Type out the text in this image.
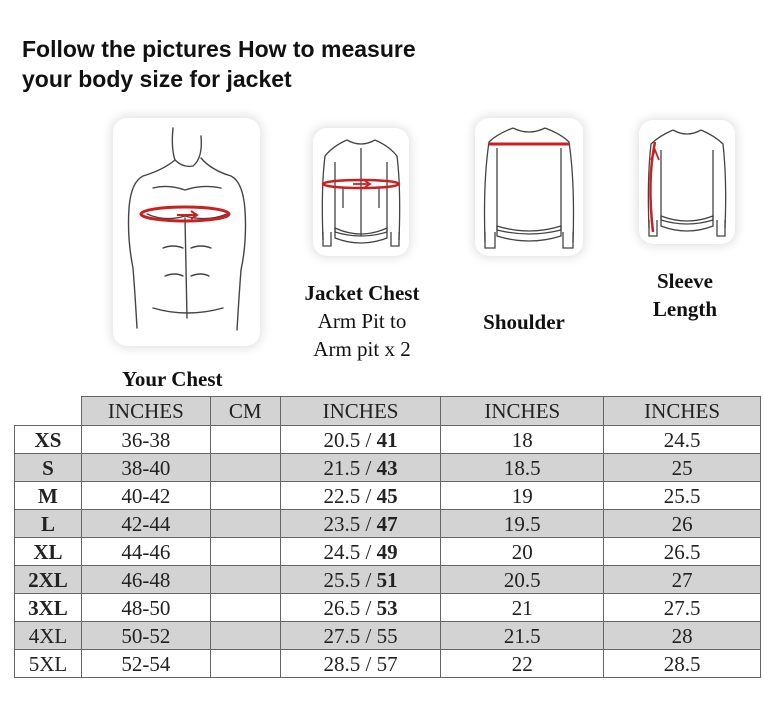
Follow the pictures How to measure
your body size for jacket
Jacket Chest
Arm Pit to
Arm pit x 2
Shoulder
Sleeve
Length
Your Chest
	INCHES	CM	INCHES	INCHES	INCHES
XS	36-38		20.5 / 41	18	24.5
S	38-40		21.5 / 43	18.5	25
M	40-42		22.5 / 45	19	25.5
L	42-44		23.5 / 47	19.5	26
XL	44-46		24.5 / 49	20	26.5
2XL	46-48		25.5 / 51	20.5	27
3XL	48-50		26.5 / 53	21	27.5
4XL	50-52		27.5 / 55	21.5	28
5XL	52-54		28.5 / 57	22	28.5
